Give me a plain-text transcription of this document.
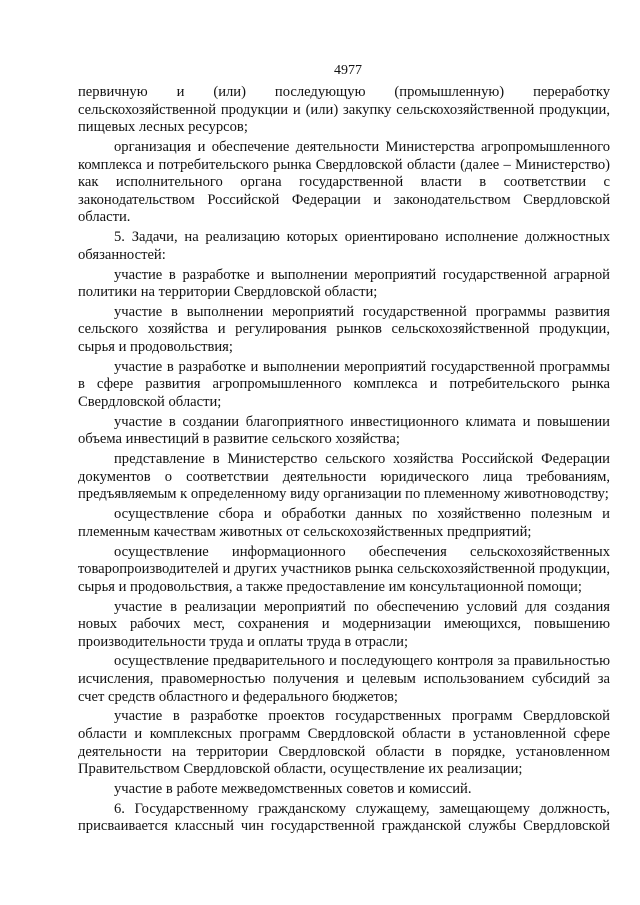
4977

первичную и (или) последующую (промышленную) переработку сельскохозяйственной продукции и (или) закупку сельскохозяйственной продукции, пищевых лесных ресурсов;

организация и обеспечение деятельности Министерства агропромышленного комплекса и потребительского рынка Свердловской области (далее – Министерство) как исполнительного органа государственной власти в соответствии с законодательством Российской Федерации и законодательством Свердловской области.

5. Задачи, на реализацию которых ориентировано исполнение должностных обязанностей:

участие в разработке и выполнении мероприятий государственной аграрной политики на территории Свердловской области;

участие в выполнении мероприятий государственной программы развития сельского хозяйства и регулирования рынков сельскохозяйственной продукции, сырья и продовольствия;

участие в разработке и выполнении мероприятий государственной программы в сфере развития агропромышленного комплекса и потребительского рынка Свердловской области;

участие в создании благоприятного инвестиционного климата и повышении объема инвестиций в развитие сельского хозяйства;

представление в Министерство сельского хозяйства Российской Федерации документов о соответствии деятельности юридического лица требованиям, предъявляемым к определенному виду организации по племенному животноводству;

осуществление сбора и обработки данных по хозяйственно полезным и племенным качествам животных от сельскохозяйственных предприятий;

осуществление информационного обеспечения сельскохозяйственных товаропроизводителей и других участников рынка сельскохозяйственной продукции, сырья и продовольствия, а также предоставление им консультационной помощи;

участие в реализации мероприятий по обеспечению условий для создания новых рабочих мест, сохранения и модернизации имеющихся, повышению производительности труда и оплаты труда в отрасли;

осуществление предварительного и последующего контроля за правильностью исчисления, правомерностью получения и целевым использованием субсидий за счет средств областного и федерального бюджетов;

участие в разработке проектов государственных программ Свердловской области и комплексных программ Свердловской области в установленной сфере деятельности на территории Свердловской области в порядке, установленном Правительством Свердловской области, осуществление их реализации;

участие в работе межведомственных советов и комиссий.

6. Государственному гражданскому служащему, замещающему должность, присваивается классный чин государственной гражданской службы Свердловской
